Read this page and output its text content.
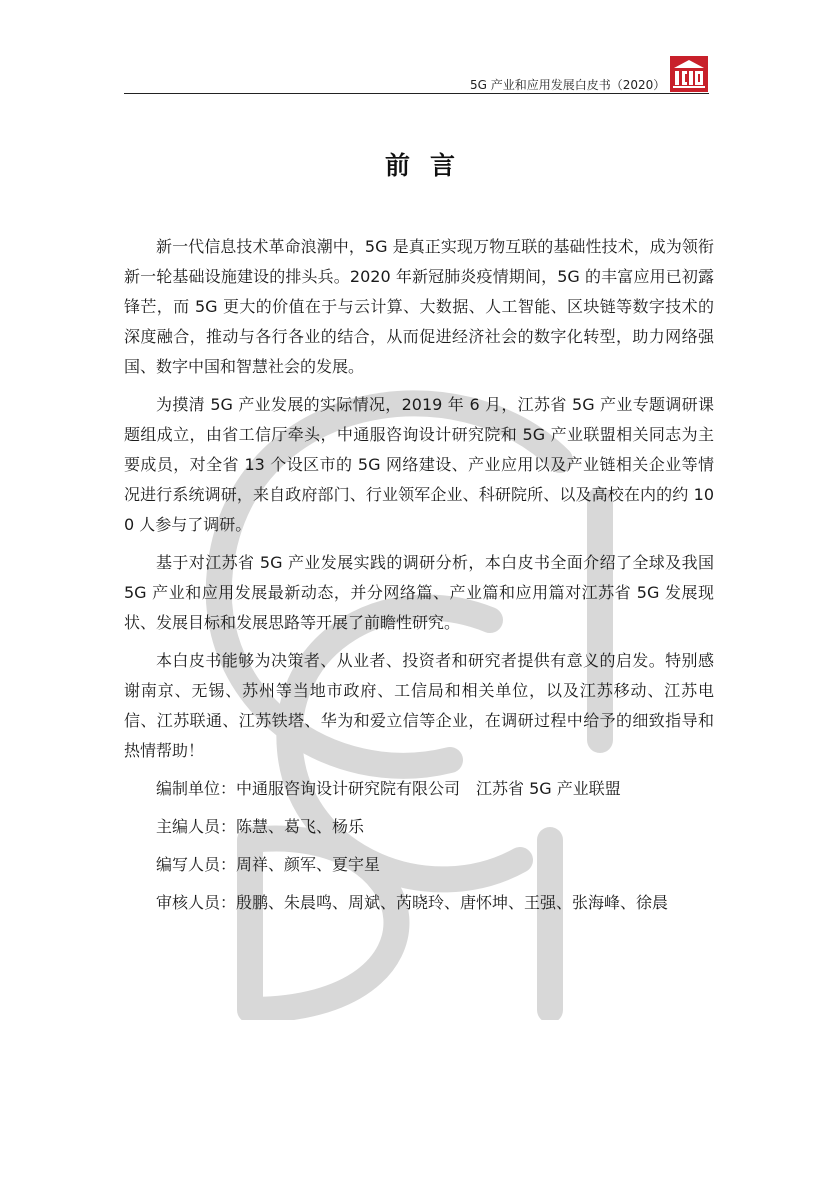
5G 产业和应用发展白皮书（2020）
前言

新一代信息技术革命浪潮中，5G 是真正实现万物互联的基础性技术，成为领衔新一轮基础设施建设的排头兵。2020 年新冠肺炎疫情期间，5G 的丰富应用已初露锋芒，而 5G 更大的价值在于与云计算、大数据、人工智能、区块链等数字技术的深度融合，推动与各行各业的结合，从而促进经济社会的数字化转型，助力网络强国、数字中国和智慧社会的发展。

为摸清 5G 产业发展的实际情况，2019 年 6 月，江苏省 5G 产业专题调研课题组成立，由省工信厅牵头，中通服咨询设计研究院和 5G 产业联盟相关同志为主要成员，对全省 13 个设区市的 5G 网络建设、产业应用以及产业链相关企业等情况进行系统调研，来自政府部门、行业领军企业、科研院所、以及高校在内的约 100 人参与了调研。

基于对江苏省 5G 产业发展实践的调研分析，本白皮书全面介绍了全球及我国 5G 产业和应用发展最新动态，并分网络篇、产业篇和应用篇对江苏省 5G 发展现状、发展目标和发展思路等开展了前瞻性研究。

本白皮书能够为决策者、从业者、投资者和研究者提供有意义的启发。特别感谢南京、无锡、苏州等当地市政府、工信局和相关单位，以及江苏移动、江苏电信、江苏联通、江苏铁塔、华为和爱立信等企业，在调研过程中给予的细致指导和热情帮助！

编制单位：中通服咨询设计研究院有限公司　江苏省 5G 产业联盟
主编人员：陈慧、葛飞、杨乐
编写人员：周祥、颜军、夏宇星
审核人员：殷鹏、朱晨鸣、周斌、芮晓玲、唐怀坤、王强、张海峰、徐晨
